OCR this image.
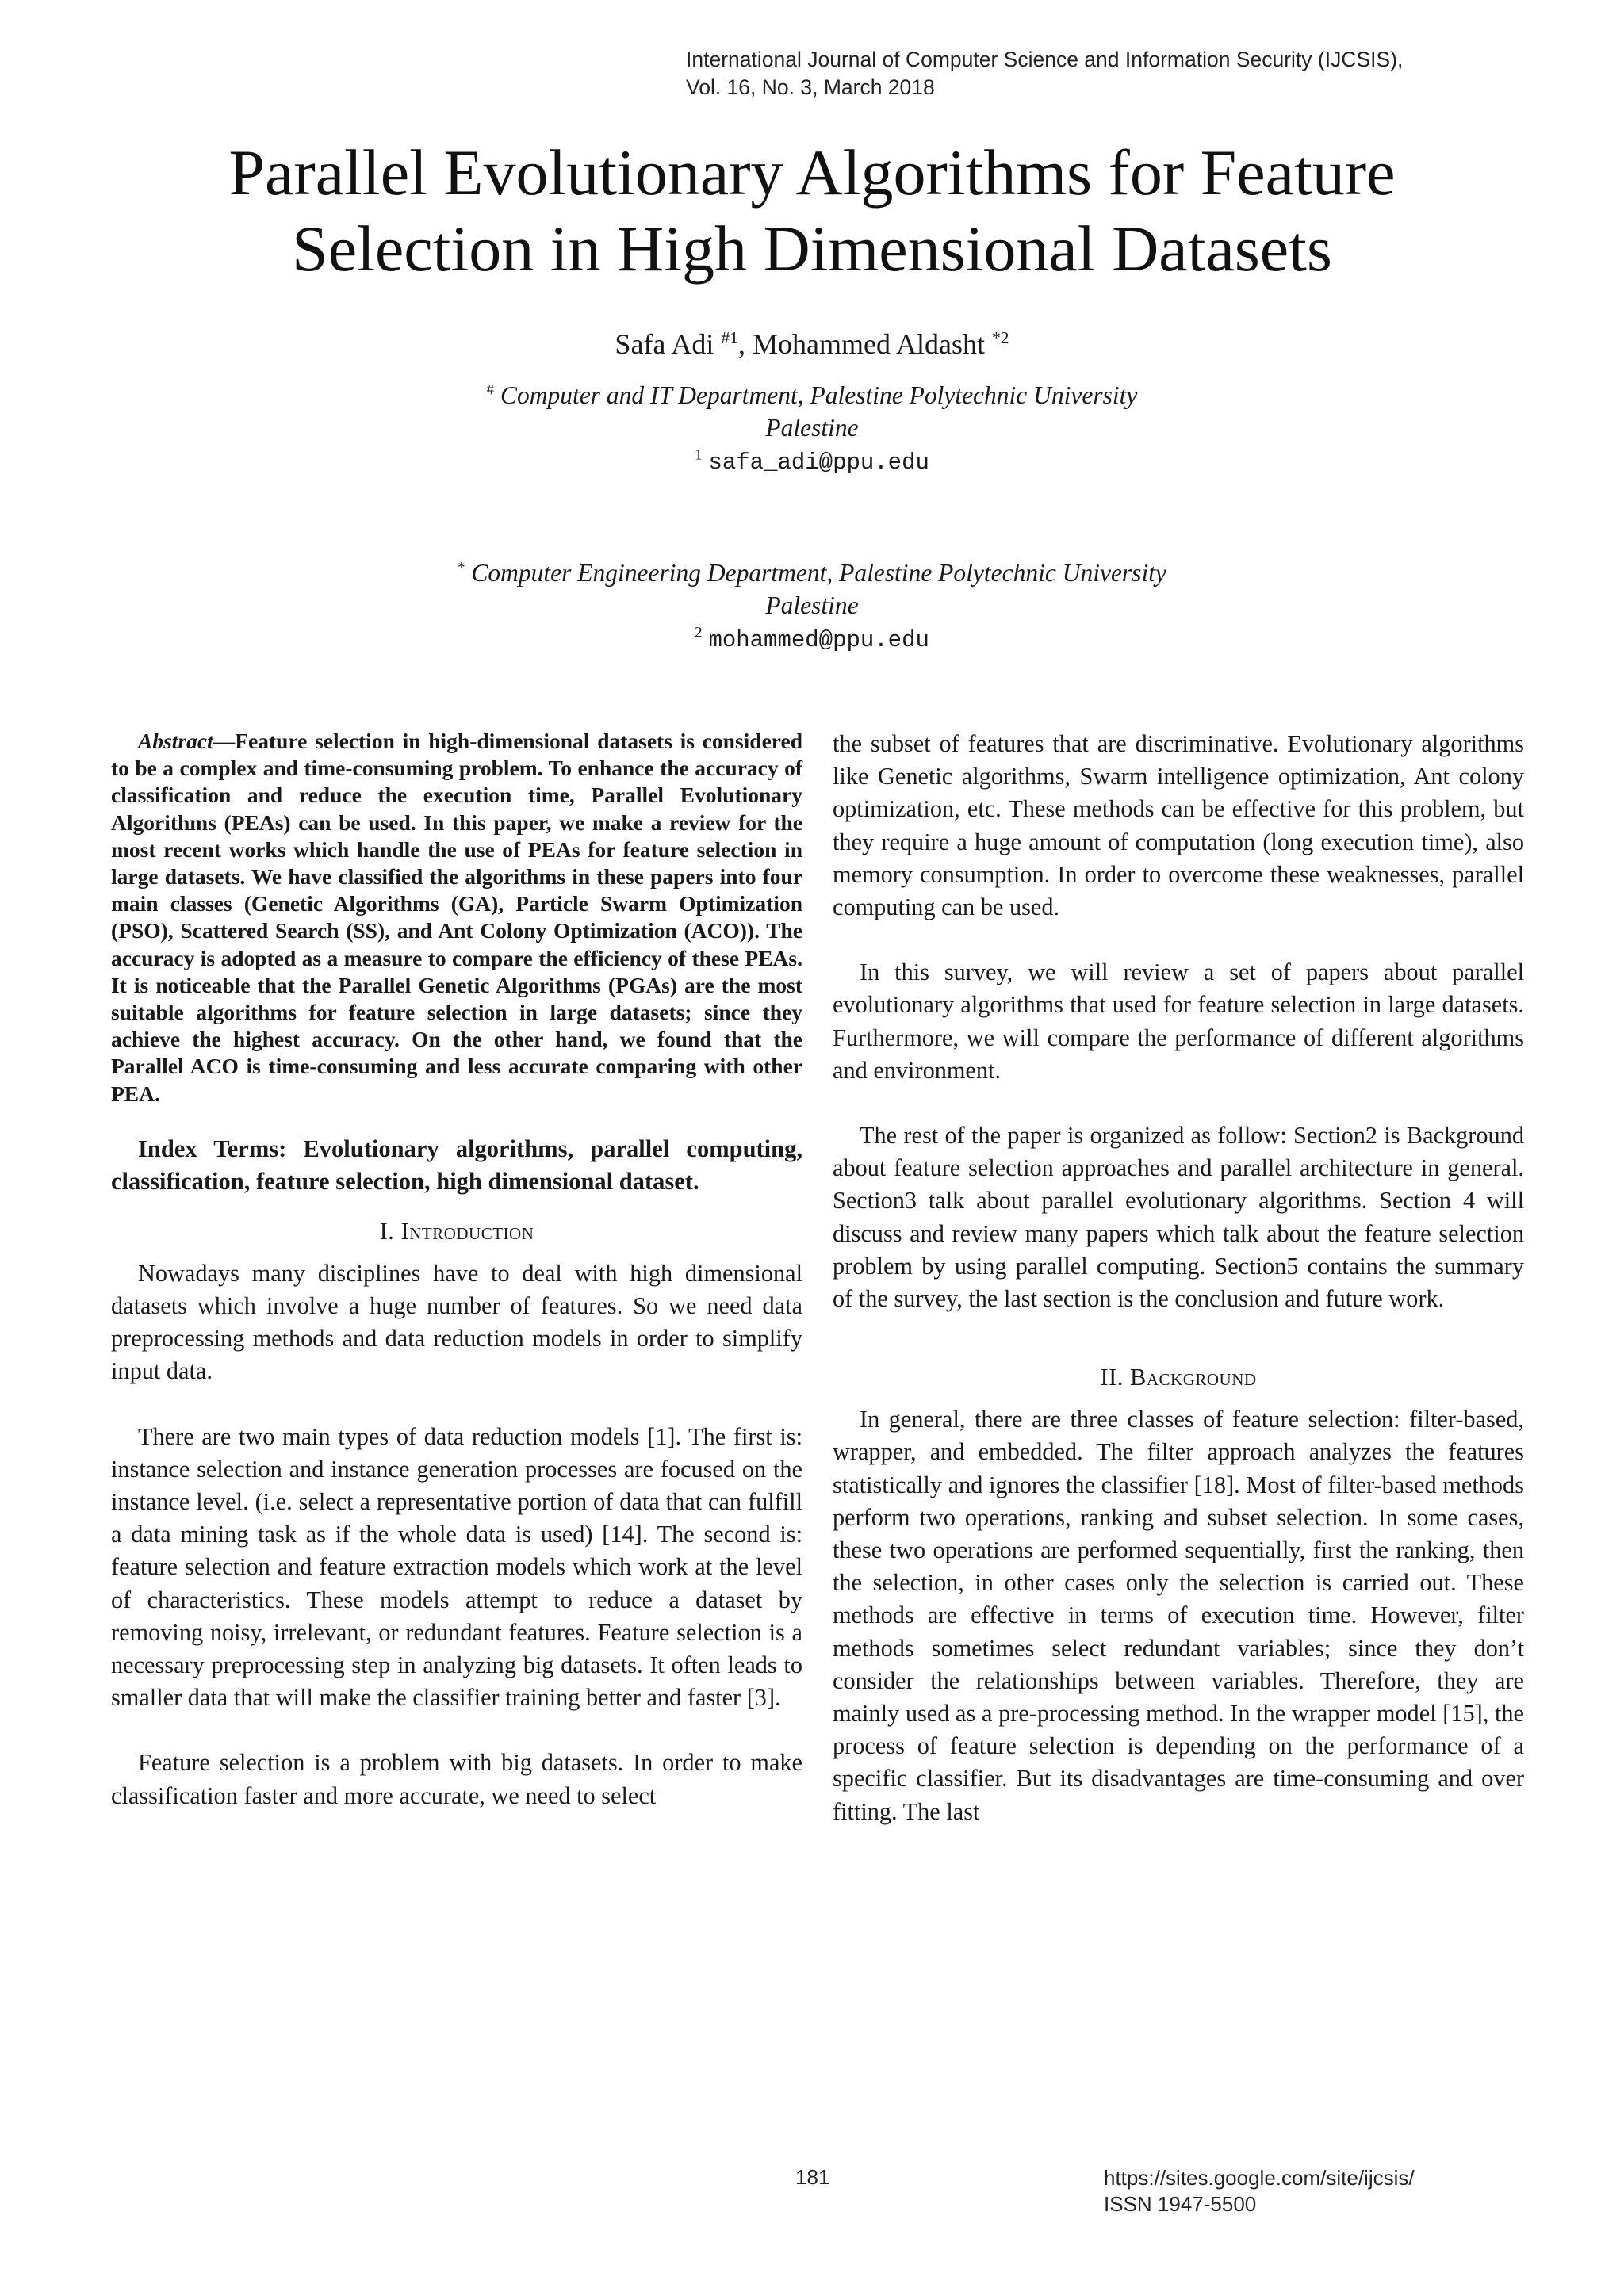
International Journal of Computer Science and Information Security (IJCSIS),
Vol. 16, No. 3, March 2018
Parallel Evolutionary Algorithms for Feature
Selection in High Dimensional Datasets
Safa Adi $^{\#1}$, Mohammed Aldasht $^{*2}$
# Computer and IT Department, Palestine Polytechnic University
Palestine
$^1$ safa_adi@ppu.edu
* Computer Engineering Department, Palestine Polytechnic University
Palestine
$^2$ mohammed@ppu.edu

Abstract—Feature selection in high-dimensional datasets is considered to be a complex and time-consuming problem. To enhance the accuracy of classification and reduce the execution time, Parallel Evolutionary Algorithms (PEAs) can be used. In this paper, we make a review for the most recent works which handle the use of PEAs for feature selection in large datasets. We have classified the algorithms in these papers into four main classes (Genetic Algorithms (GA), Particle Swarm Optimization (PSO), Scattered Search (SS), and Ant Colony Optimization (ACO)). The accuracy is adopted as a measure to compare the efficiency of these PEAs. It is noticeable that the Parallel Genetic Algorithms (PGAs) are the most suitable algorithms for feature selection in large datasets; since they achieve the highest accuracy. On the other hand, we found that the Parallel ACO is time-consuming and less accurate comparing with other PEA.

Index Terms: Evolutionary algorithms, parallel computing, classification, feature selection, high dimensional dataset.

I. Introduction

Nowadays many disciplines have to deal with high dimensional datasets which involve a huge number of features. So we need data preprocessing methods and data reduction models in order to simplify input data.

There are two main types of data reduction models [1]. The first is: instance selection and instance generation processes are focused on the instance level. (i.e. select a representative portion of data that can fulfill a data mining task as if the whole data is used) [14]. The second is: feature selection and feature extraction models which work at the level of characteristics. These models attempt to reduce a dataset by removing noisy, irrelevant, or redundant features. Feature selection is a necessary preprocessing step in analyzing big datasets. It often leads to smaller data that will make the classifier training better and faster [3].

Feature selection is a problem with big datasets. In order to make classification faster and more accurate, we need to select

the subset of features that are discriminative. Evolutionary algorithms like Genetic algorithms, Swarm intelligence optimization, Ant colony optimization, etc. These methods can be effective for this problem, but they require a huge amount of computation (long execution time), also memory consumption. In order to overcome these weaknesses, parallel computing can be used.

In this survey, we will review a set of papers about parallel evolutionary algorithms that used for feature selection in large datasets. Furthermore, we will compare the performance of different algorithms and environment.

The rest of the paper is organized as follow: Section2 is Background about feature selection approaches and parallel architecture in general. Section3 talk about parallel evolutionary algorithms. Section 4 will discuss and review many papers which talk about the feature selection problem by using parallel computing. Section5 contains the summary of the survey, the last section is the conclusion and future work.

II. Background

In general, there are three classes of feature selection: filter-based, wrapper, and embedded. The filter approach analyzes the features statistically and ignores the classifier [18]. Most of filter-based methods perform two operations, ranking and subset selection. In some cases, these two operations are performed sequentially, first the ranking, then the selection, in other cases only the selection is carried out. These methods are effective in terms of execution time. However, filter methods sometimes select redundant variables; since they don’t consider the relationships between variables. Therefore, they are mainly used as a pre-processing method. In the wrapper model [15], the process of feature selection is depending on the performance of a specific classifier. But its disadvantages are time-consuming and over fitting. The last

181	https://sites.google.com/site/ijcsis/
ISSN 1947-5500
